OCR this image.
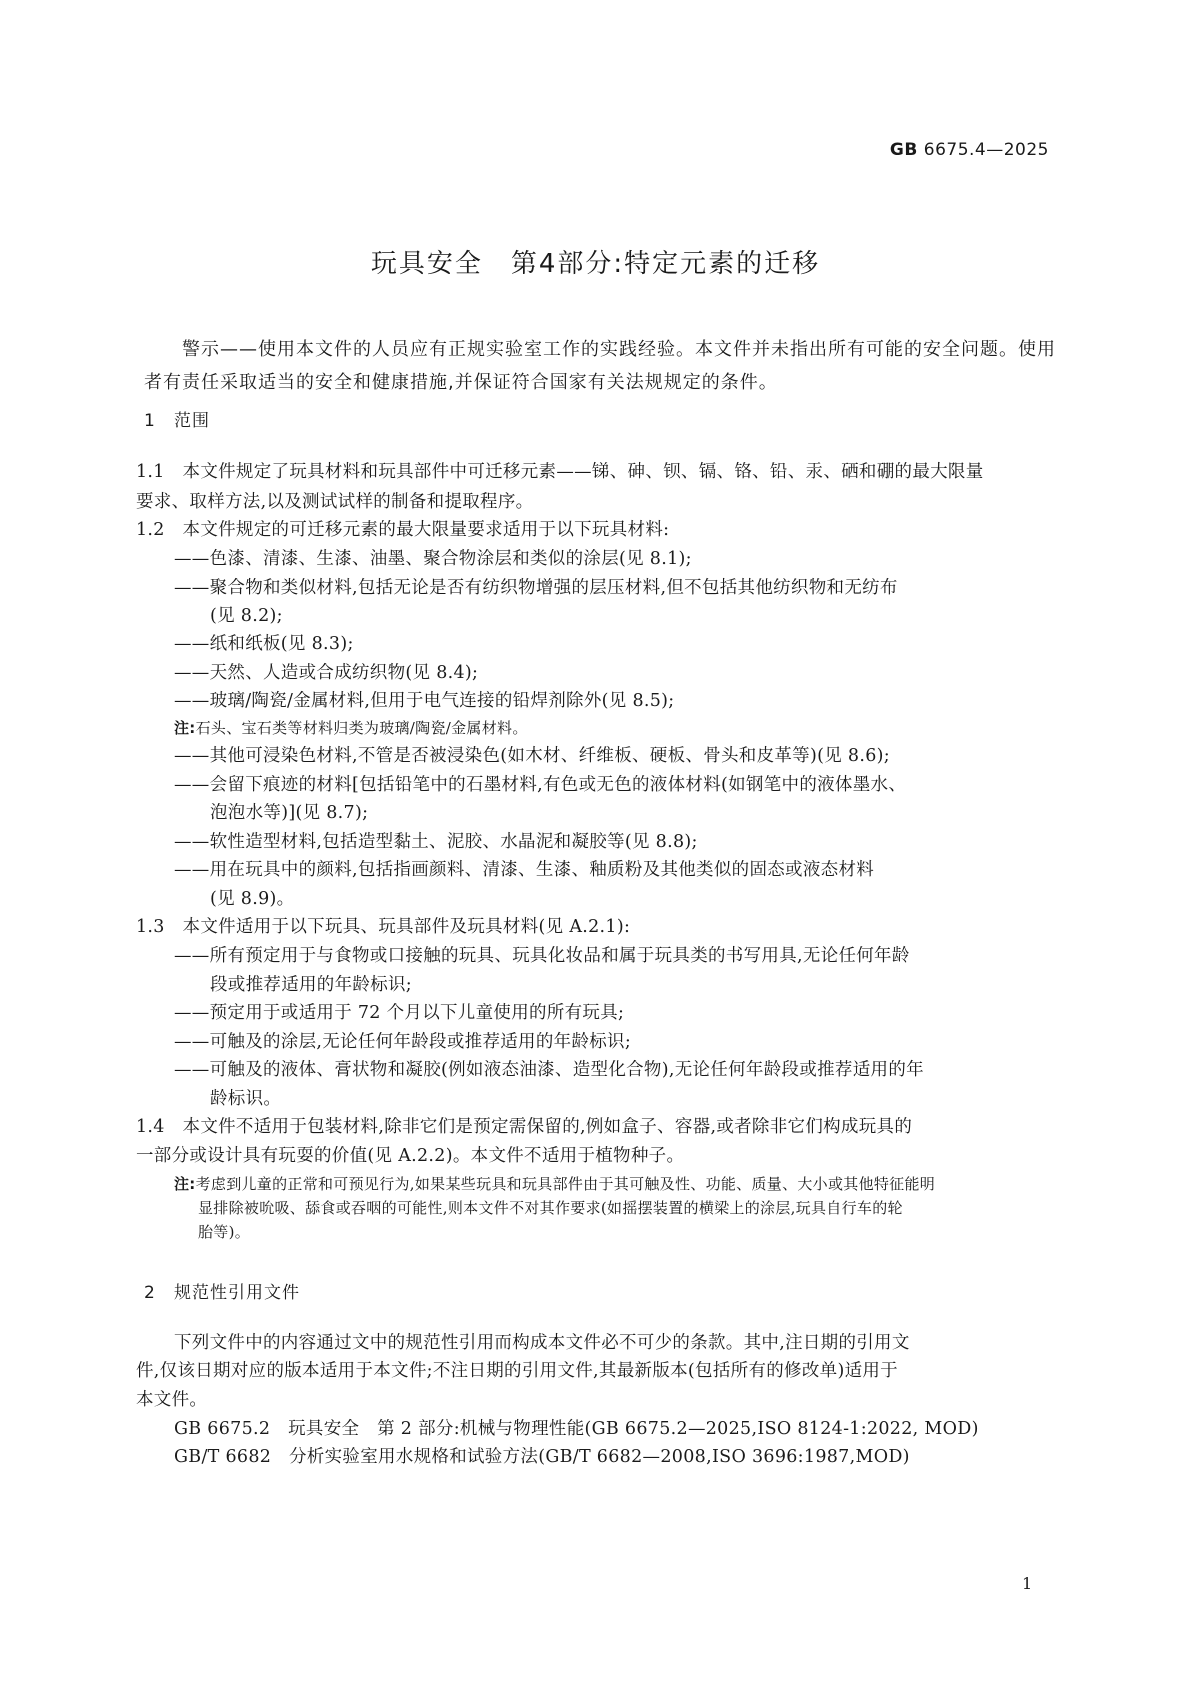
GB 6675.4—2025
玩具安全　第4部分:特定元素的迁移
警示——使用本文件的人员应有正规实验室工作的实践经验。本文件并未指出所有可能的安全问题。使用者有责任采取适当的安全和健康措施,并保证符合国家有关法规规定的条件。
1 范围
1.1　本文件规定了玩具材料和玩具部件中可迁移元素——锑、砷、钡、镉、铬、铅、汞、硒和硼的最大限量
要求、取样方法,以及测试试样的制备和提取程序。
1.2　本文件规定的可迁移元素的最大限量要求适用于以下玩具材料:
——色漆、清漆、生漆、油墨、聚合物涂层和类似的涂层(见 8.1);
——聚合物和类似材料,包括无论是否有纺织物增强的层压材料,但不包括其他纺织物和无纺布
(见 8.2);
——纸和纸板(见 8.3);
——天然、人造或合成纺织物(见 8.4);
——玻璃/陶瓷/金属材料,但用于电气连接的铅焊剂除外(见 8.5);
注:石头、宝石类等材料归类为玻璃/陶瓷/金属材料。
——其他可浸染色材料,不管是否被浸染色(如木材、纤维板、硬板、骨头和皮革等)(见 8.6);
——会留下痕迹的材料[包括铅笔中的石墨材料,有色或无色的液体材料(如钢笔中的液体墨水、
泡泡水等)](见 8.7);
——软性造型材料,包括造型黏土、泥胶、水晶泥和凝胶等(见 8.8);
——用在玩具中的颜料,包括指画颜料、清漆、生漆、釉质粉及其他类似的固态或液态材料
(见 8.9)。
1.3　本文件适用于以下玩具、玩具部件及玩具材料(见 A.2.1):
——所有预定用于与食物或口接触的玩具、玩具化妆品和属于玩具类的书写用具,无论任何年龄
段或推荐适用的年龄标识;
——预定用于或适用于 72 个月以下儿童使用的所有玩具;
——可触及的涂层,无论任何年龄段或推荐适用的年龄标识;
——可触及的液体、膏状物和凝胶(例如液态油漆、造型化合物),无论任何年龄段或推荐适用的年
龄标识。
1.4　本文件不适用于包装材料,除非它们是预定需保留的,例如盒子、容器,或者除非它们构成玩具的
一部分或设计具有玩耍的价值(见 A.2.2)。本文件不适用于植物种子。
注:考虑到儿童的正常和可预见行为,如果某些玩具和玩具部件由于其可触及性、功能、质量、大小或其他特征能明
显排除被吮吸、舔食或吞咽的可能性,则本文件不对其作要求(如摇摆装置的横梁上的涂层,玩具自行车的轮
胎等)。
2 规范性引用文件
下列文件中的内容通过文中的规范性引用而构成本文件必不可少的条款。其中,注日期的引用文
件,仅该日期对应的版本适用于本文件;不注日期的引用文件,其最新版本(包括所有的修改单)适用于
本文件。
GB 6675.2　玩具安全　第 2 部分:机械与物理性能(GB 6675.2—2025,ISO 8124-1:2022, MOD)
GB/T 6682　分析实验室用水规格和试验方法(GB/T 6682—2008,ISO 3696:1987,MOD)
1
